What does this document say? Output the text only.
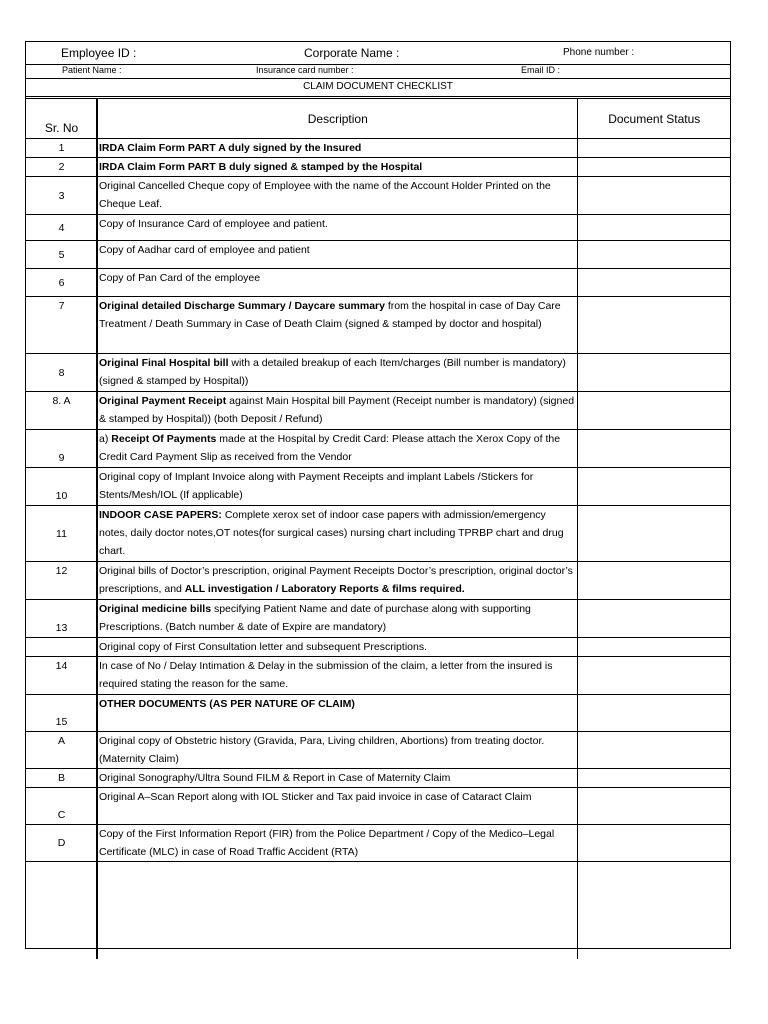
Employee ID :	Corporate Name :	Phone number :
Patient Name :	Insurance card number :	Email ID :
CLAIM DOCUMENT CHECKLIST
Sr. No	Description	Document Status
1	IRDA Claim Form PART A duly signed by the Insured	
2	IRDA Claim Form PART B duly signed & stamped by the Hospital	
3	Original Cancelled Cheque copy of Employee with the name of the Account Holder Printed on the Cheque Leaf.	
4	Copy of Insurance Card of employee and patient.	
5	Copy of Aadhar card of employee and patient	
6	Copy of Pan Card of the employee	
7	Original detailed Discharge Summary / Daycare summary from the hospital in case of Day Care Treatment / Death Summary in Case of Death Claim (signed & stamped by doctor and hospital)	
8	Original Final Hospital bill with a detailed breakup of each Item/charges (Bill number is mandatory) (signed & stamped by Hospital))	
8. A	Original Payment Receipt against Main Hospital bill Payment (Receipt number is mandatory) (signed & stamped by Hospital)) (both Deposit / Refund)	
9	a) Receipt Of Payments made at the Hospital by Credit Card: Please attach the Xerox Copy of the Credit Card Payment Slip as received from the Vendor	
10	Original copy of Implant Invoice along with Payment Receipts and implant Labels /Stickers for Stents/Mesh/IOL (If applicable)	
11	INDOOR CASE PAPERS: Complete xerox set of indoor case papers with admission/emergency notes, daily doctor notes,OT notes(for surgical cases) nursing chart including TPRBP chart and drug chart.	
12	Original bills of Doctor’s prescription, original Payment Receipts Doctor’s prescription, original doctor’s prescriptions, and ALL investigation / Laboratory Reports & films required.	
13	Original medicine bills specifying Patient Name and date of purchase along with supporting Prescriptions. (Batch number & date of Expire are mandatory)	
	Original copy of First Consultation letter and subsequent Prescriptions.	
14	In case of No / Delay Intimation & Delay in the submission of the claim, a letter from the insured is required stating the reason for the same.	
15	OTHER DOCUMENTS (AS PER NATURE OF CLAIM)	
A	Original copy of Obstetric history (Gravida, Para, Living children, Abortions) from treating doctor. (Maternity Claim)	
B	Original Sonography/Ultra Sound FILM & Report in Case of Maternity Claim	
C	Original A–Scan Report along with IOL Sticker and Tax paid invoice in case of Cataract Claim	
D	Copy of the First Information Report (FIR) from the Police Department / Copy of the Medico–Legal Certificate (MLC) in case of Road Traffic Accident (RTA)	
